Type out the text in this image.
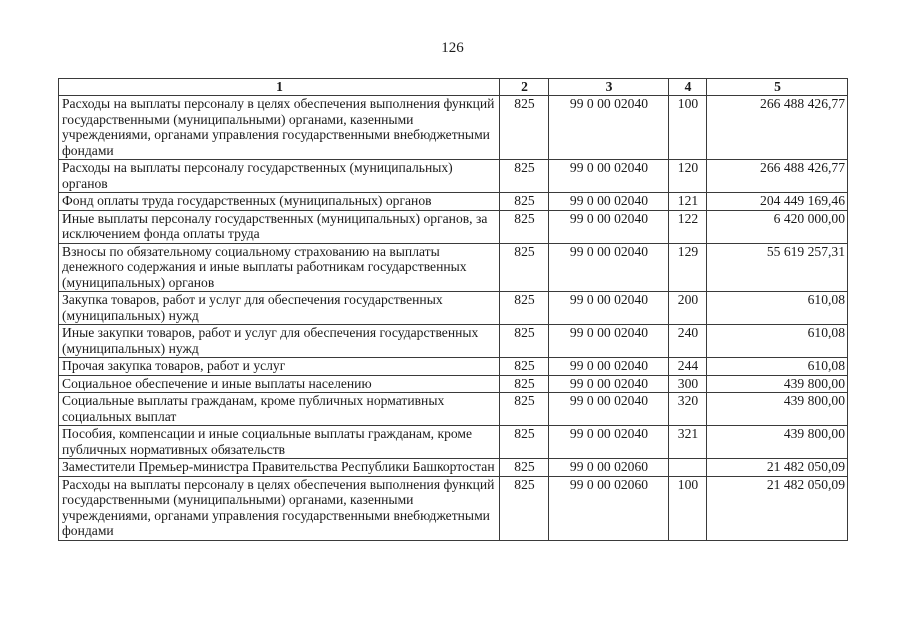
126
1	2	3	4	5
Расходы на выплаты персоналу в целях обеспечения выполнения функций государственными (муниципальными) органами, казенными учреждениями, органами управления государственными внебюджетными фондами	825	99 0 00 02040	100	266 488 426,77
Расходы на выплаты персоналу государственных (муниципальных) органов	825	99 0 00 02040	120	266 488 426,77
Фонд оплаты труда государственных (муниципальных) органов	825	99 0 00 02040	121	204 449 169,46
Иные выплаты персоналу государственных (муниципальных) органов, за исключением фонда оплаты труда	825	99 0 00 02040	122	6 420 000,00
Взносы по обязательному социальному страхованию на выплаты денежного содержания и иные выплаты работникам государственных (муниципальных) органов	825	99 0 00 02040	129	55 619 257,31
Закупка товаров, работ и услуг для обеспечения государственных (муниципальных) нужд	825	99 0 00 02040	200	610,08
Иные закупки товаров, работ и услуг для обеспечения государственных (муниципальных) нужд	825	99 0 00 02040	240	610,08
Прочая закупка товаров, работ и услуг	825	99 0 00 02040	244	610,08
Социальное обеспечение и иные выплаты населению	825	99 0 00 02040	300	439 800,00
Социальные выплаты гражданам, кроме публичных нормативных социальных выплат	825	99 0 00 02040	320	439 800,00
Пособия, компенсации и иные социальные выплаты гражданам, кроме публичных нормативных обязательств	825	99 0 00 02040	321	439 800,00
Заместители Премьер-министра Правительства Республики Башкортостан	825	99 0 00 02060		21 482 050,09
Расходы на выплаты персоналу в целях обеспечения выполнения функций государственными (муниципальными) органами, казенными учреждениями, органами управления государственными внебюджетными фондами	825	99 0 00 02060	100	21 482 050,09
